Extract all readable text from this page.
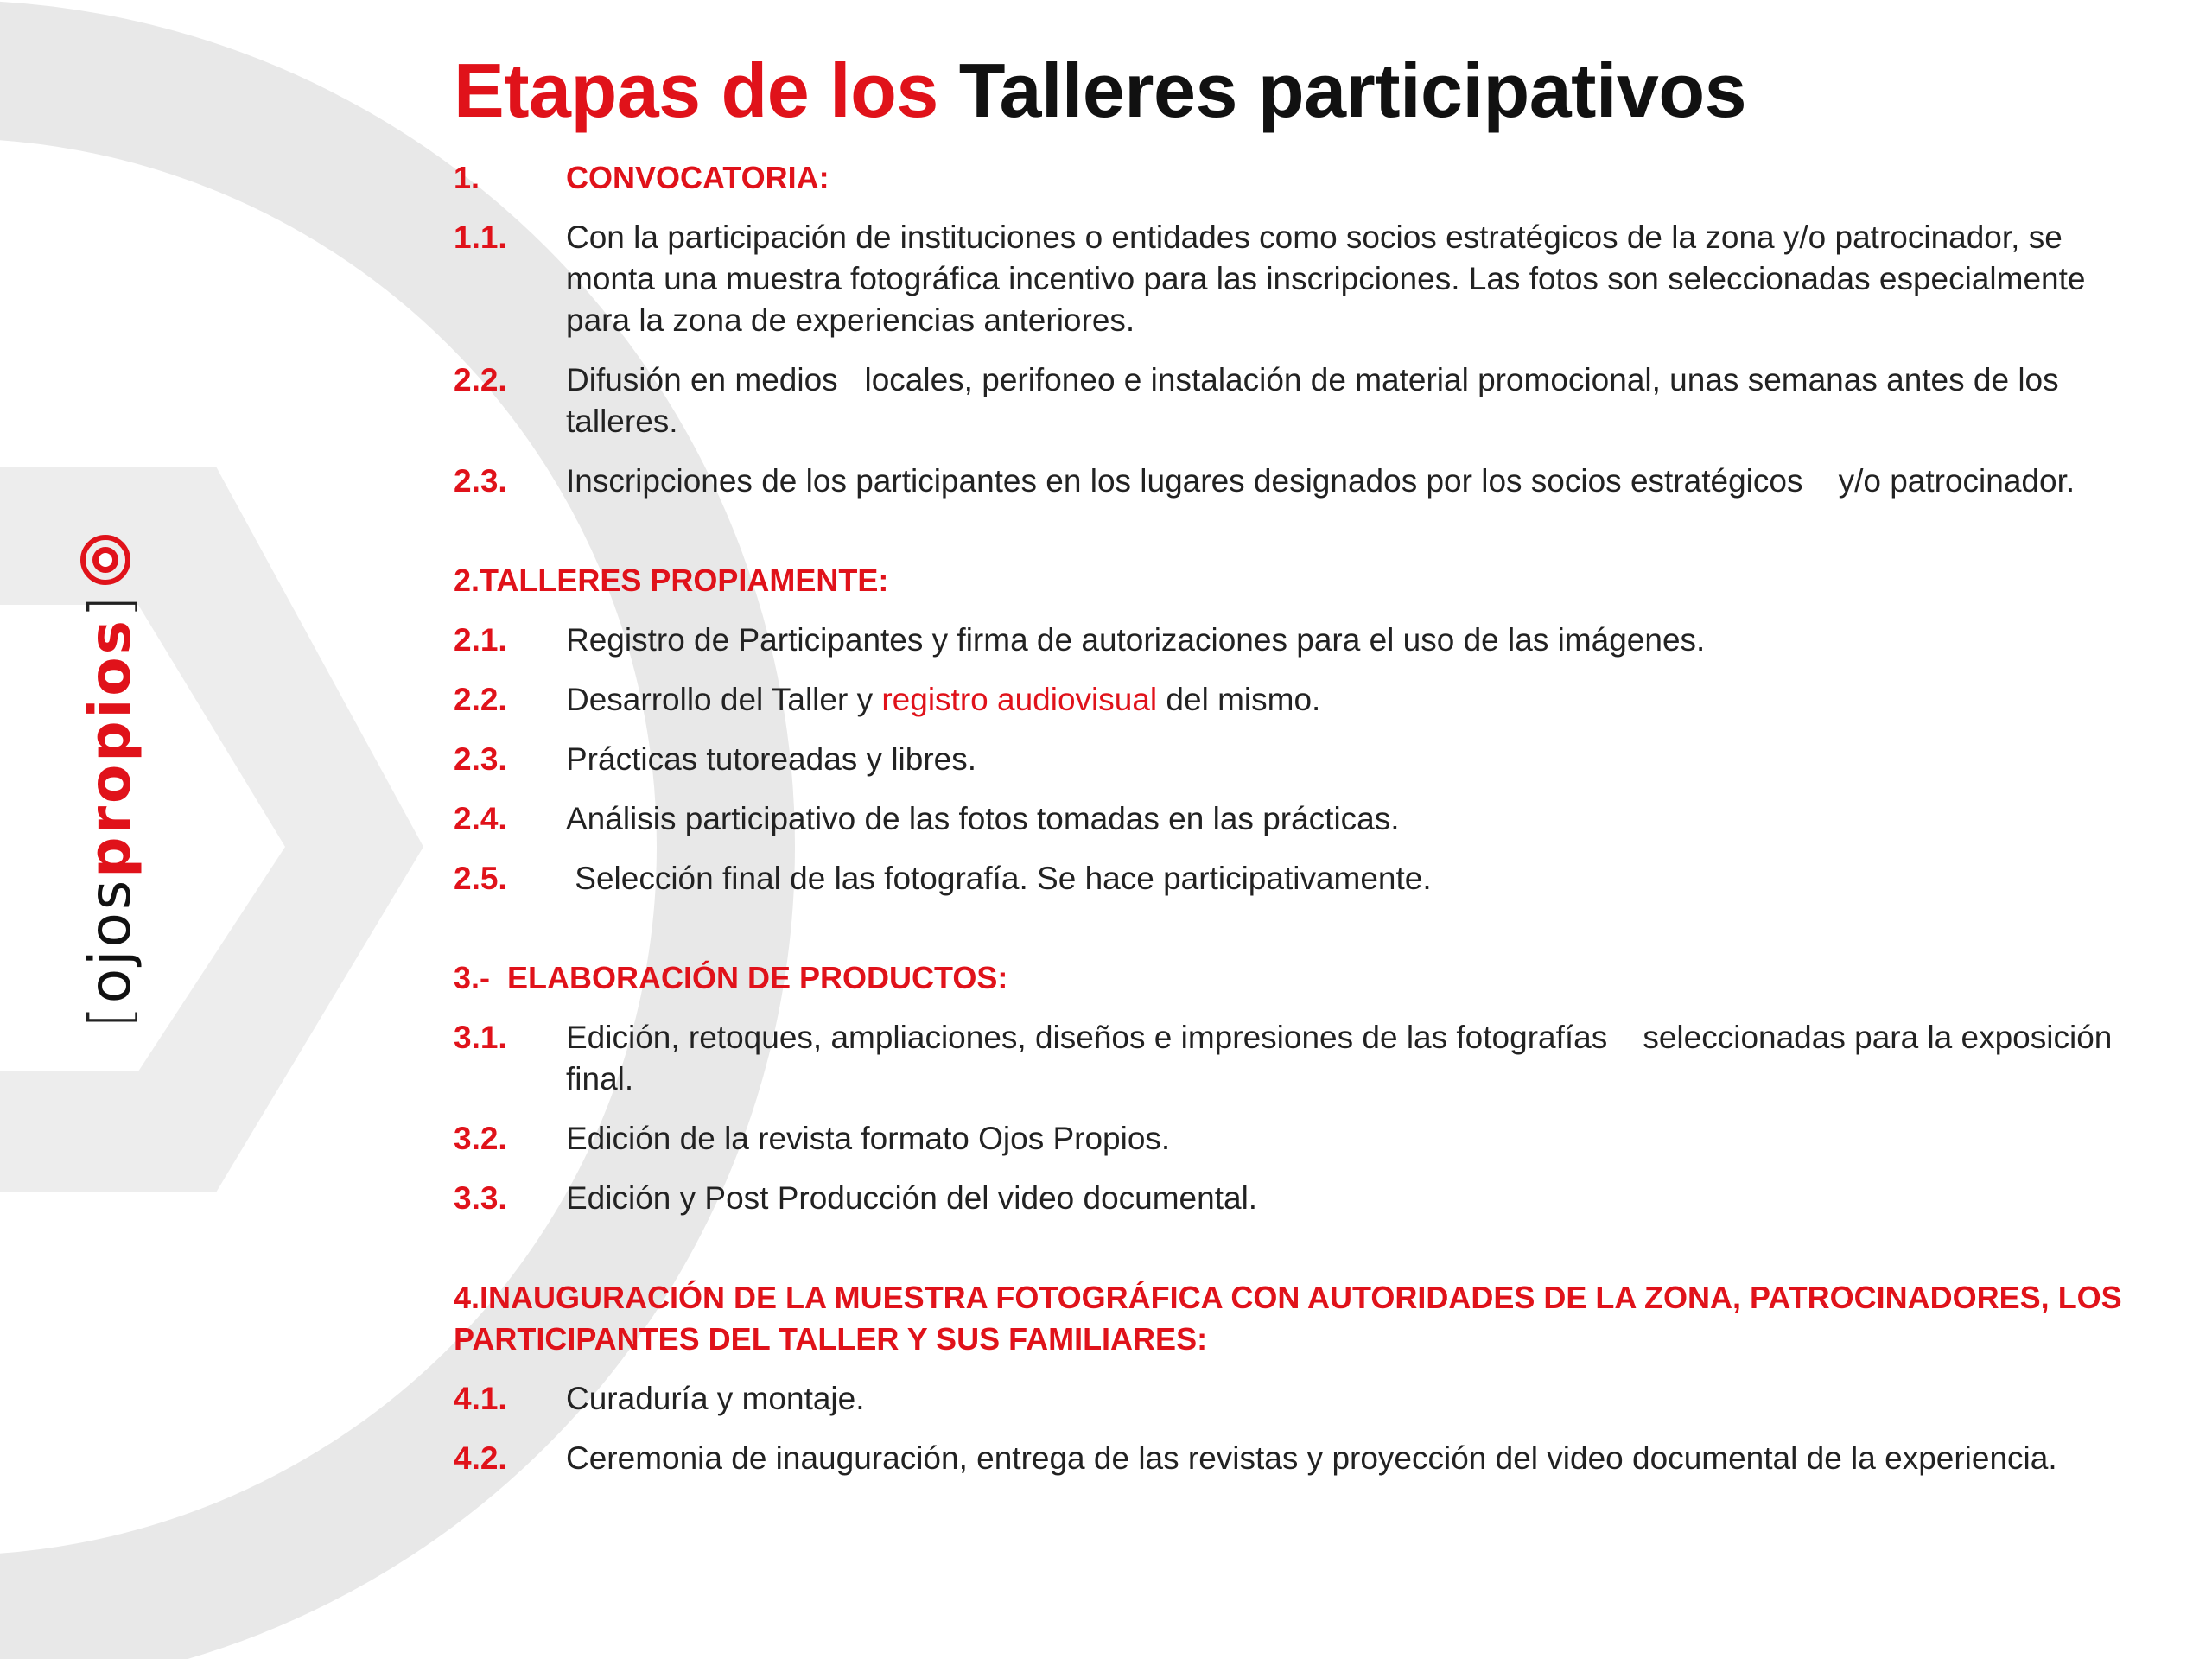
[
ojos
propios
]
Etapas de los Talleres participativos
1.	CONVOCATORIA:
1.1.	Con la participación de instituciones o entidades como socios estratégicos de la zona y/o patrocinador, se monta una muestra fotográfica incentivo para las inscripciones. Las fotos son seleccionadas especialmente para la zona de experiencias anteriores.
2.2.	Difusión en medios   locales, perifoneo e instalación de material promocional, unas semanas antes de los talleres.
2.3.	Inscripciones de los participantes en los lugares designados por los socios estratégicos    y/o patrocinador.
2.TALLERES PROPIAMENTE:
2.1.	Registro de Participantes y firma de autorizaciones para el uso de las imágenes.
2.2.	Desarrollo del Taller y registro audiovisual del mismo.
2.3.	Prácticas tutoreadas y libres.
2.4.	Análisis participativo de las fotos tomadas en las prácticas.
2.5.	Selección final de las fotografía. Se hace participativamente.
3.-  ELABORACIÓN DE PRODUCTOS:
3.1.	Edición, retoques, ampliaciones, diseños e impresiones de las fotografías    seleccionadas para la exposición final.
3.2.	Edición de la revista formato Ojos Propios.
3.3.	Edición y Post Producción del video documental.
4.INAUGURACIÓN DE LA MUESTRA FOTOGRÁFICA CON AUTORIDADES DE LA ZONA, PATROCINADORES, LOS PARTICIPANTES DEL TALLER Y SUS FAMILIARES:
4.1.	Curaduría y montaje.
4.2.	Ceremonia de inauguración, entrega de las revistas y proyección del video documental de la experiencia.
